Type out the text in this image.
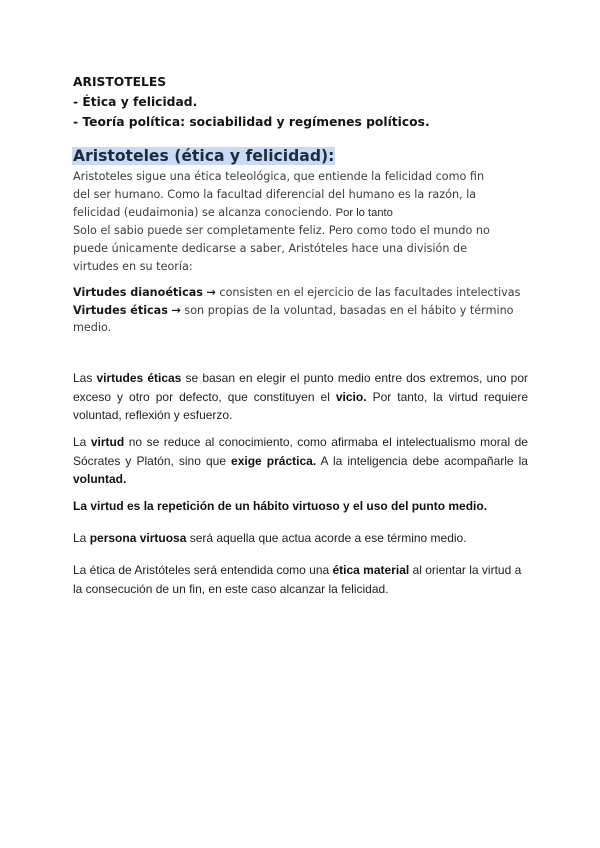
ARISTOTELES
- Ética y felicidad.
- Teoría política: sociabilidad y regímenes políticos.
Aristoteles (ética y felicidad):
Aristoteles sigue una ética teleológica, que entiende la felicidad como fin
del ser humano. Como la facultad diferencial del humano es la razón, la
felicidad (eudaimonia) se alcanza conociendo. Por lo tanto
Solo el sabio puede ser completamente feliz. Pero como todo el mundo no
puede únicamente dedicarse a saber, Aristóteles hace una división de
virtudes en su teoría:
Virtudes dianoéticas → consisten en el ejercicio de las facultades intelectivas
Virtudes éticas → son propias de la voluntad, basadas en el hábito y término medio.
Las virtudes éticas se basan en elegir el punto medio entre dos extremos, uno por exceso y otro por defecto, que constituyen el vicio. Por tanto, la virtud requiere voluntad, reflexión y esfuerzo.
La virtud no se reduce al conocimiento, como afirmaba el intelectualismo moral de Sócrates y Platón, sino que exige práctica. A la inteligencia debe acompañarle la voluntad.
La virtud es la repetición de un hábito virtuoso y el uso del punto medio.
La persona virtuosa será aquella que actua acorde a ese término medio.
La ética de Aristóteles será entendida como una ética material al orientar la virtud a la consecución de un fin, en este caso alcanzar la felicidad.
